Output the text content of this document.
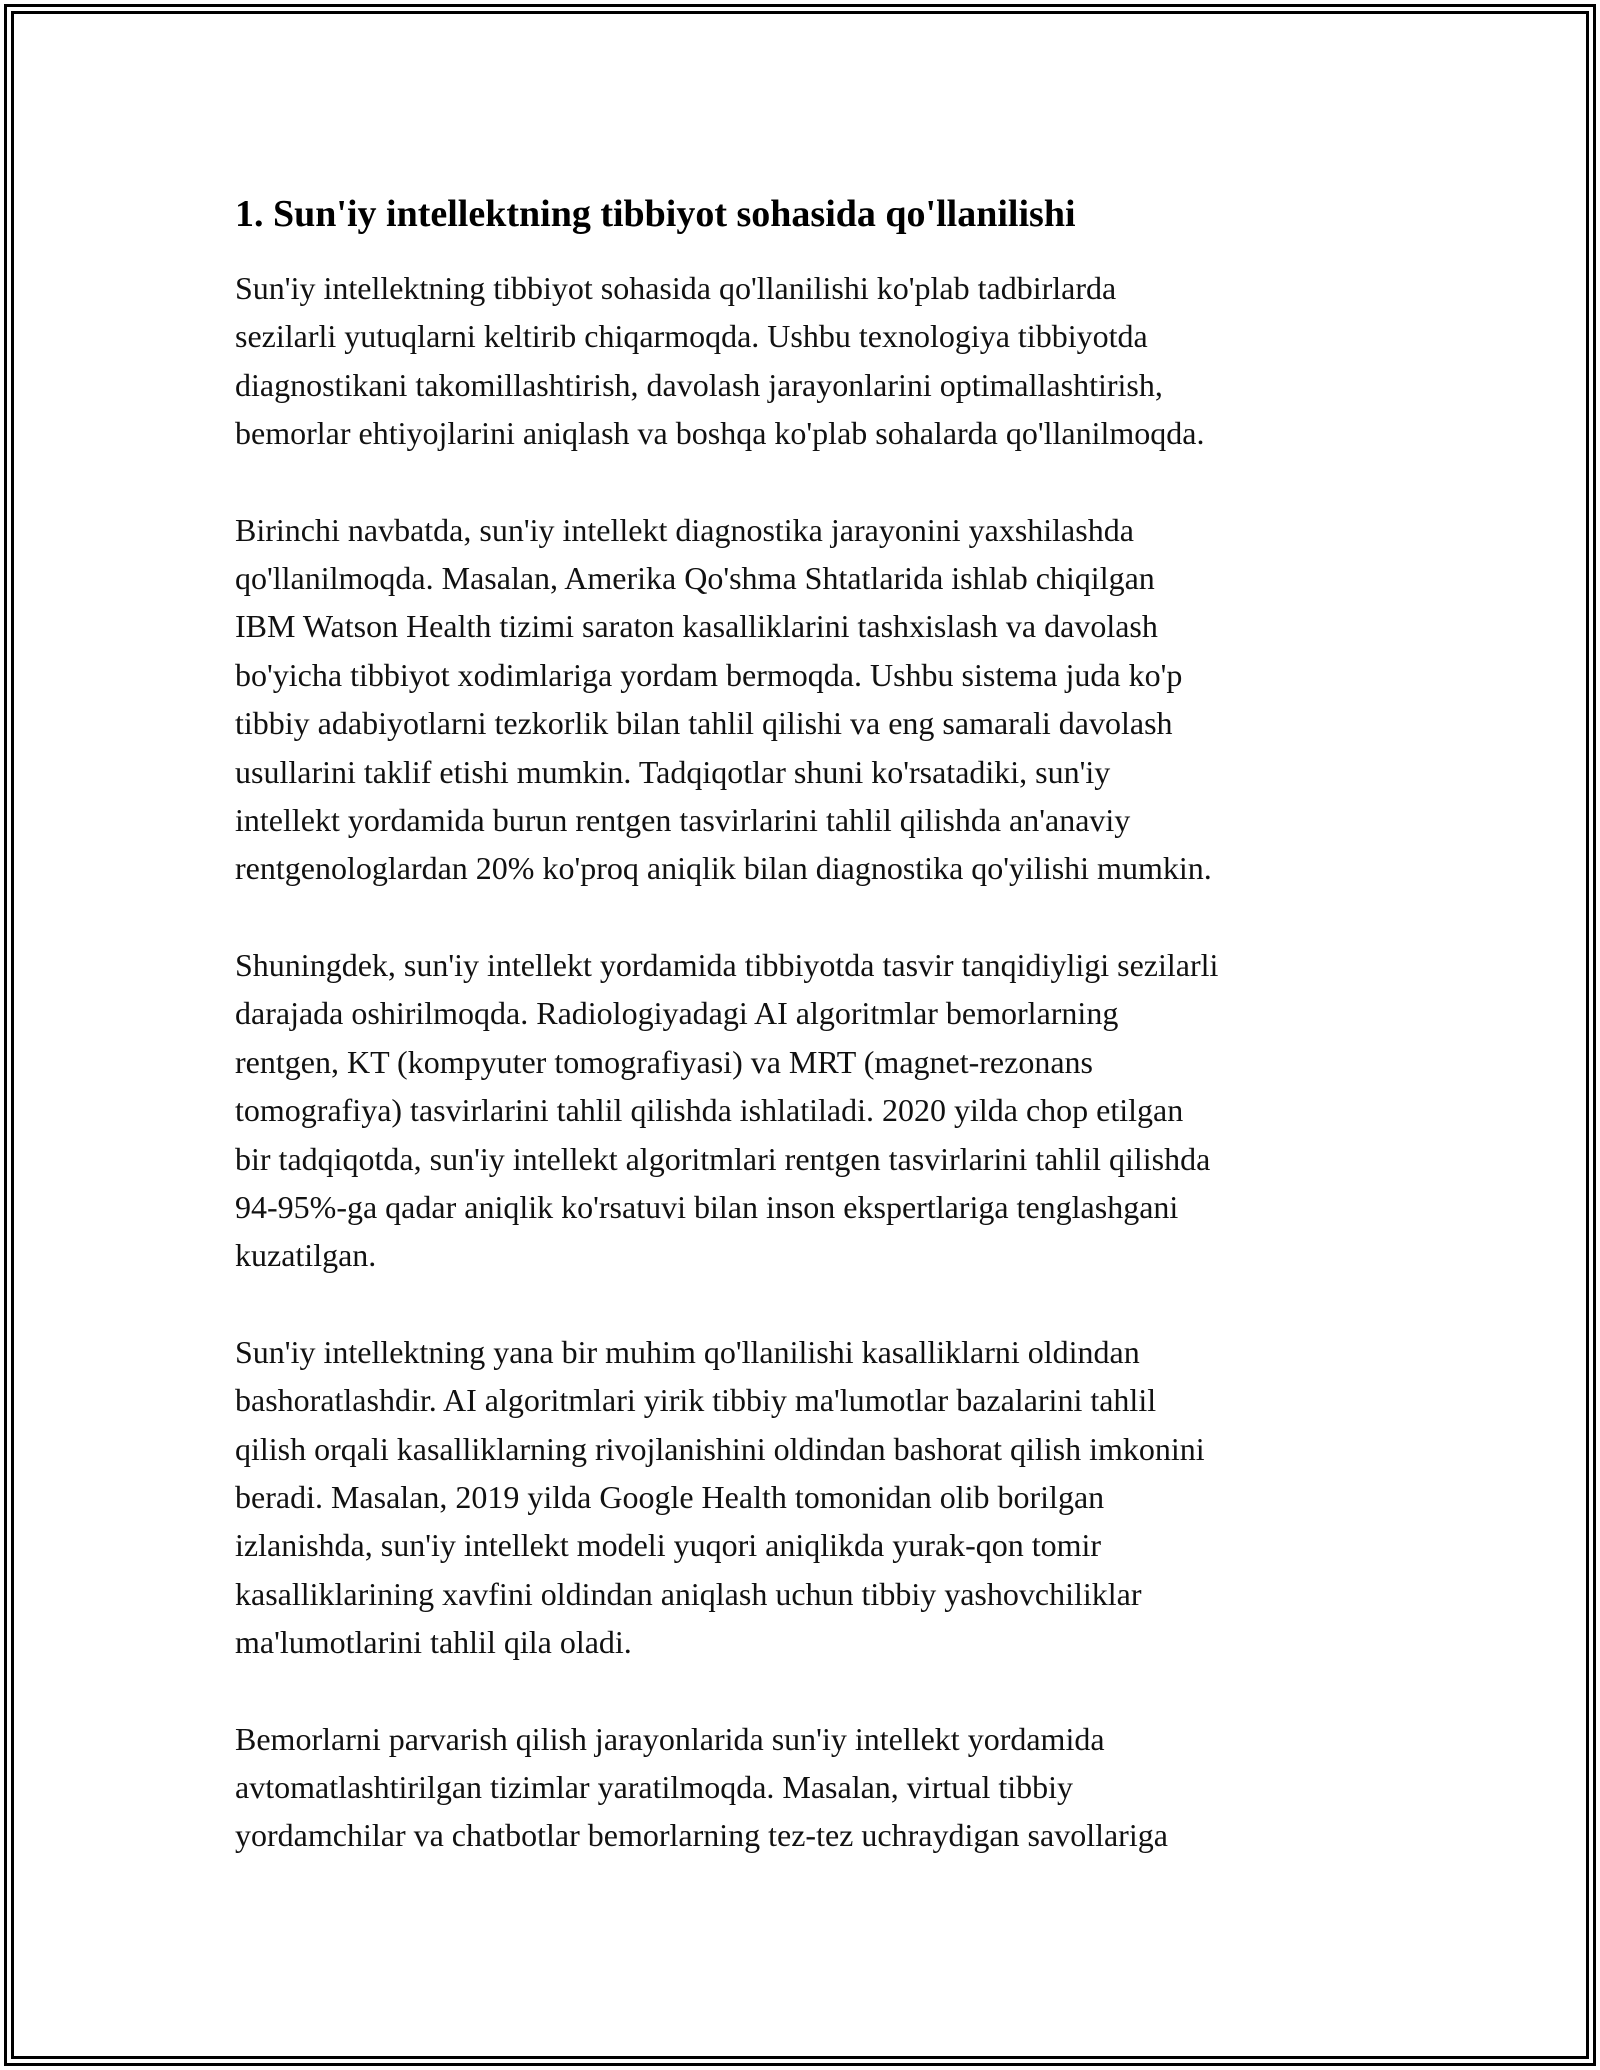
1. Sun'iy intellektning tibbiyot sohasida qo'llanilishi

Sun'iy intellektning tibbiyot sohasida qo'llanilishi ko'plab tadbirlarda
sezilarli yutuqlarni keltirib chiqarmoqda. Ushbu texnologiya tibbiyotda
diagnostikani takomillashtirish, davolash jarayonlarini optimallashtirish,
bemorlar ehtiyojlarini aniqlash va boshqa ko'plab sohalarda qo'llanilmoqda.

Birinchi navbatda, sun'iy intellekt diagnostika jarayonini yaxshilashda
qo'llanilmoqda. Masalan, Amerika Qo'shma Shtatlarida ishlab chiqilgan
IBM Watson Health tizimi saraton kasalliklarini tashxislash va davolash
bo'yicha tibbiyot xodimlariga yordam bermoqda. Ushbu sistema juda ko'p
tibbiy adabiyotlarni tezkorlik bilan tahlil qilishi va eng samarali davolash
usullarini taklif etishi mumkin. Tadqiqotlar shuni ko'rsatadiki, sun'iy
intellekt yordamida burun rentgen tasvirlarini tahlil qilishda an'anaviy
rentgenologlardan 20% ko'proq aniqlik bilan diagnostika qo'yilishi mumkin.

Shuningdek, sun'iy intellekt yordamida tibbiyotda tasvir tanqidiyligi sezilarli
darajada oshirilmoqda. Radiologiyadagi AI algoritmlar bemorlarning
rentgen, KT (kompyuter tomografiyasi) va MRT (magnet-rezonans
tomografiya) tasvirlarini tahlil qilishda ishlatiladi. 2020 yilda chop etilgan
bir tadqiqotda, sun'iy intellekt algoritmlari rentgen tasvirlarini tahlil qilishda
94-95%-ga qadar aniqlik ko'rsatuvi bilan inson ekspertlariga tenglashgani
kuzatilgan.

Sun'iy intellektning yana bir muhim qo'llanilishi kasalliklarni oldindan
bashoratlashdir. AI algoritmlari yirik tibbiy ma'lumotlar bazalarini tahlil
qilish orqali kasalliklarning rivojlanishini oldindan bashorat qilish imkonini
beradi. Masalan, 2019 yilda Google Health tomonidan olib borilgan
izlanishda, sun'iy intellekt modeli yuqori aniqlikda yurak-qon tomir
kasalliklarining xavfini oldindan aniqlash uchun tibbiy yashovchiliklar
ma'lumotlarini tahlil qila oladi.

Bemorlarni parvarish qilish jarayonlarida sun'iy intellekt yordamida
avtomatlashtirilgan tizimlar yaratilmoqda. Masalan, virtual tibbiy
yordamchilar va chatbotlar bemorlarning tez-tez uchraydigan savollariga
